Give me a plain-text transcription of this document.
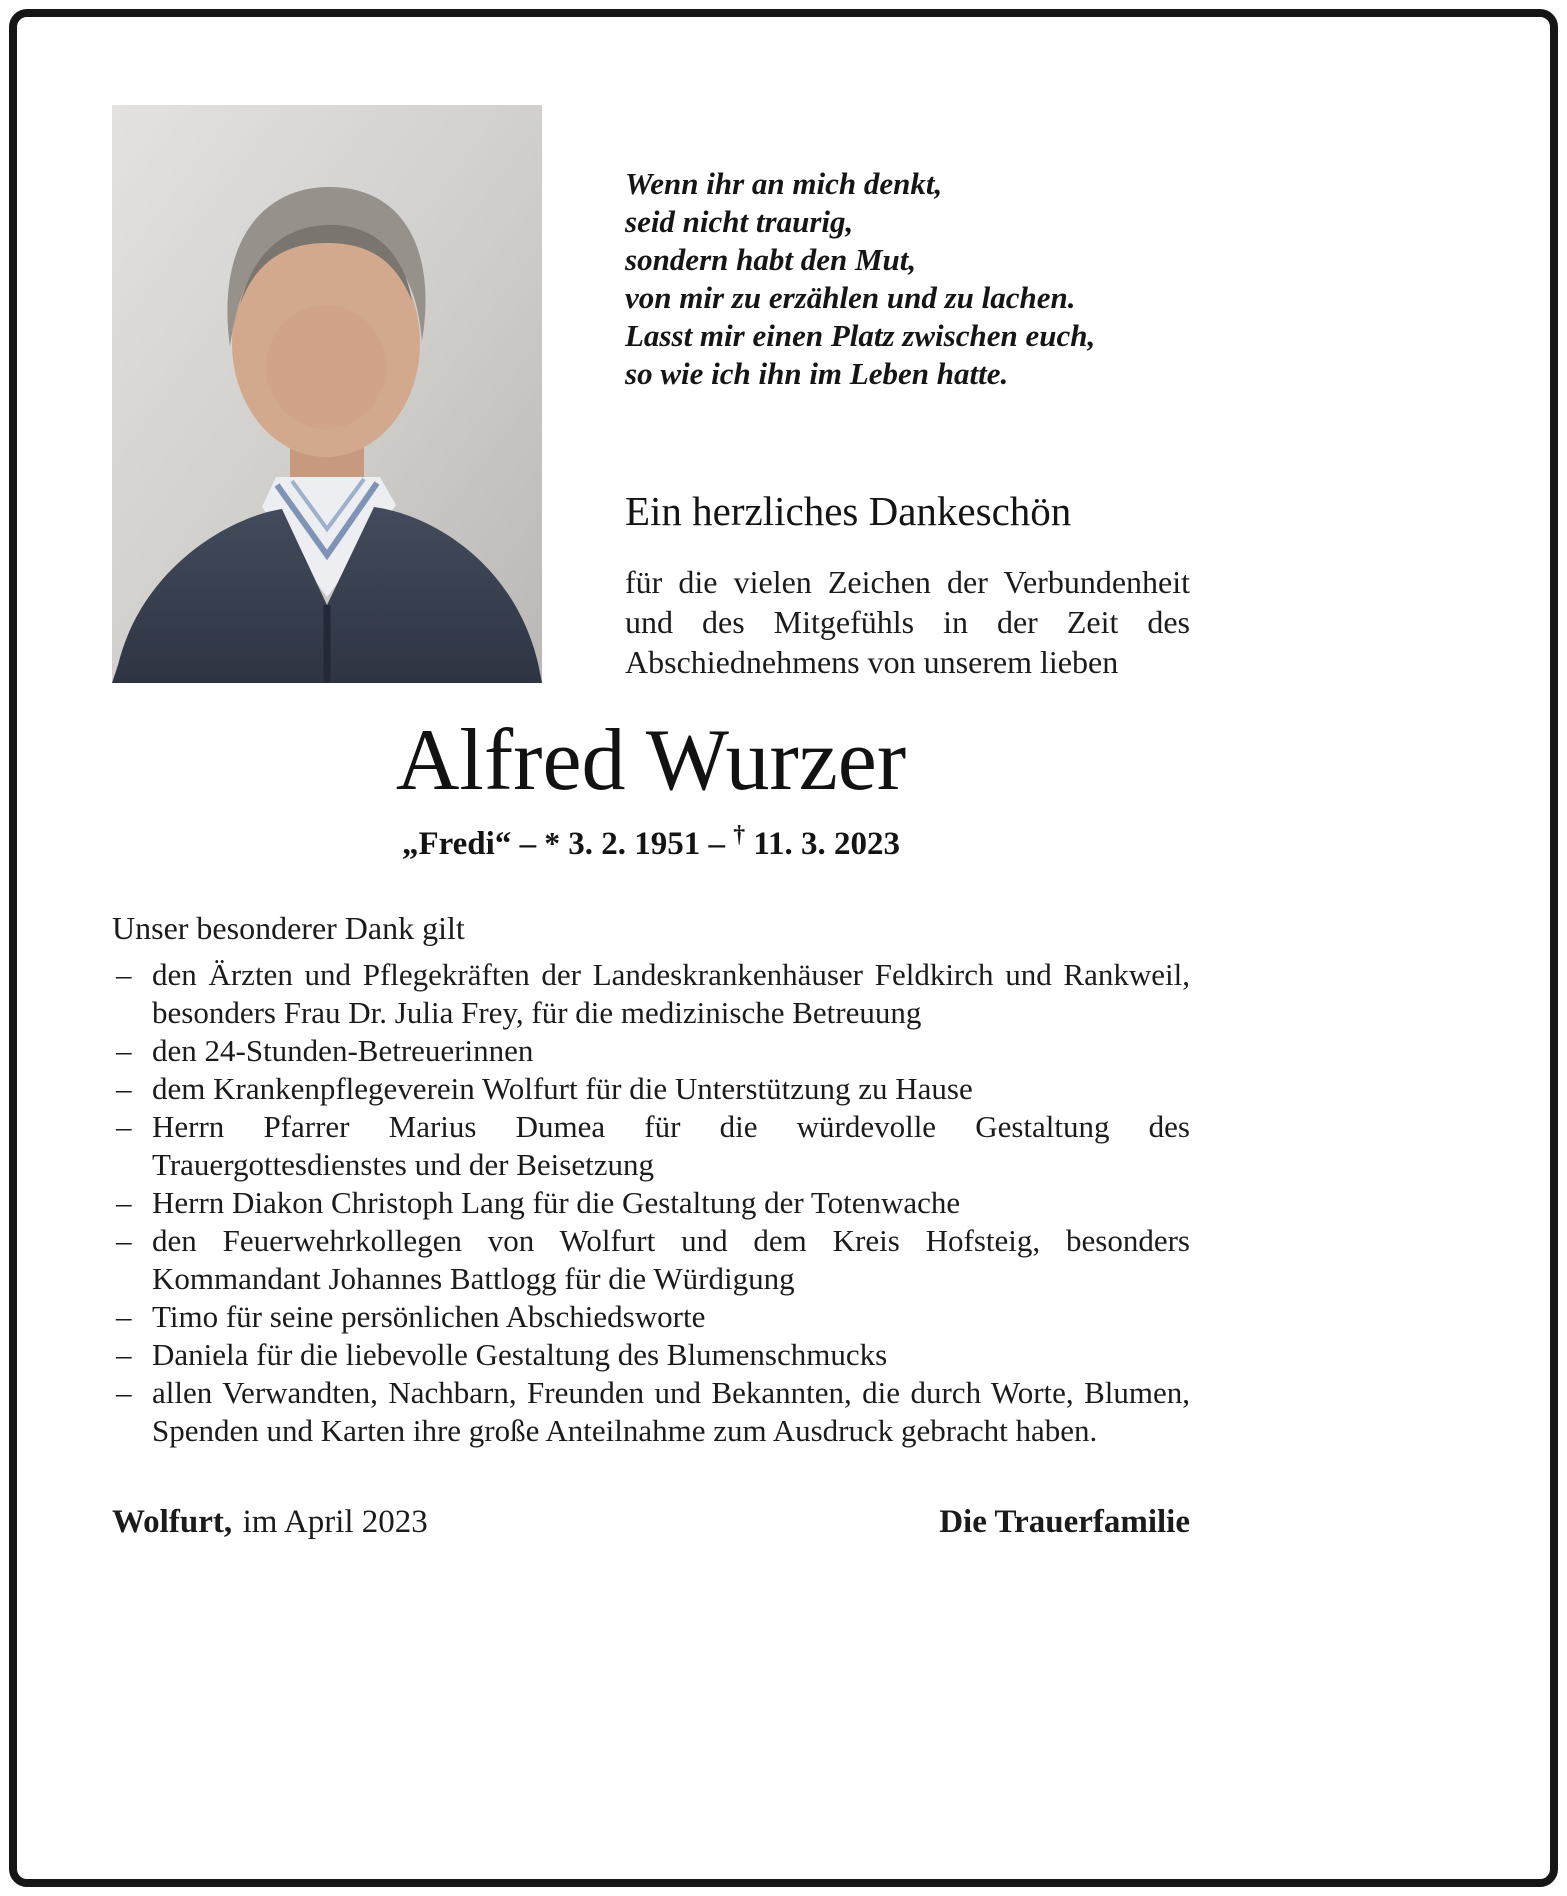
Wenn ihr an mich denkt,
seid nicht traurig,
sondern habt den Mut,
von mir zu erzählen und zu lachen.
Lasst mir einen Platz zwischen euch,
so wie ich ihn im Leben hatte.
Ein herzliches Dankeschön
für die vielen Zeichen der Verbundenheit und des Mitgefühls in der Zeit des Abschiednehmens von unserem lieben
Alfred Wurzer
„Fredi“ – * 3. 2. 1951 – † 11. 3. 2023
Unser besonderer Dank gilt
– den Ärzten und Pflegekräften der Landeskrankenhäuser Feldkirch und Rankweil, besonders Frau Dr. Julia Frey, für die medizinische Betreuung
– den 24-Stunden-Betreuerinnen
– dem Krankenpflegeverein Wolfurt für die Unterstützung zu Hause
– Herrn Pfarrer Marius Dumea für die würdevolle Gestaltung des Trauergottesdienstes und der Beisetzung
– Herrn Diakon Christoph Lang für die Gestaltung der Totenwache
– den Feuerwehrkollegen von Wolfurt und dem Kreis Hofsteig, besonders Kommandant Johannes Battlogg für die Würdigung
– Timo für seine persönlichen Abschiedsworte
– Daniela für die liebevolle Gestaltung des Blumenschmucks
– allen Verwandten, Nachbarn, Freunden und Bekannten, die durch Worte, Blumen, Spenden und Karten ihre große Anteilnahme zum Ausdruck gebracht haben.
Wolfurt, im April 2023	Die Trauerfamilie
